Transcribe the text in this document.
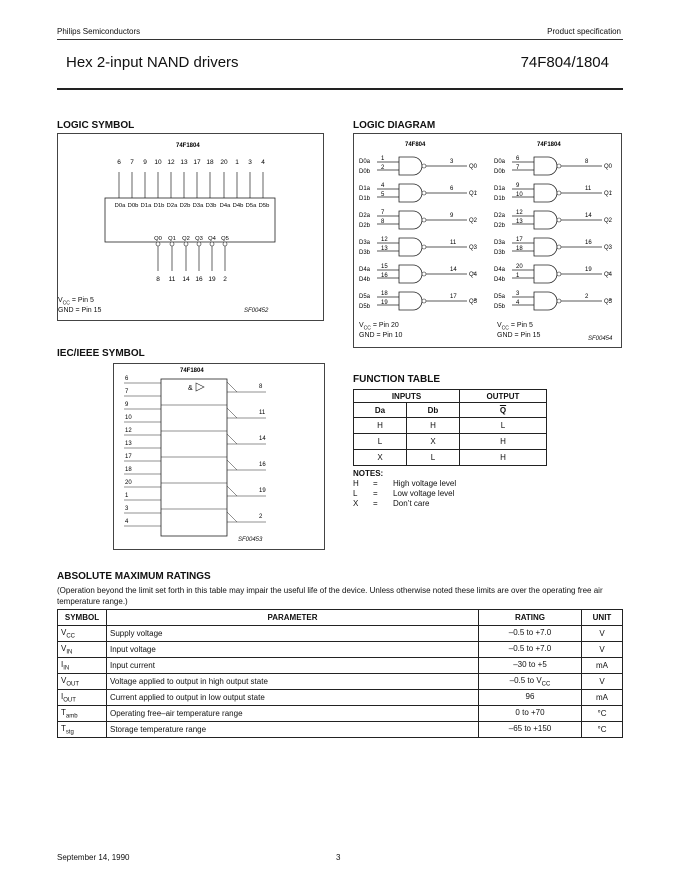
Philips Semiconductors	Product specification
Hex 2-input NAND drivers	74F804/1804
LOGIC SYMBOL
74F1804
6
D0a
7
D0b
9
D1a
10
D1b
12
D2a
13
D2b
17
D3a
18
D3b
20
D4a
1
D4b
3
D5a
4
D5b
Q0
8
Q1
11
Q2
14
Q3
16
Q4
19
Q5
2
$V_{CC}$ = Pin 5
GND = Pin 15	SF00452
LOGIC DIAGRAM
74F804
D0a
D0b
1
2
3
Q0
D1a
D1b
4
5
6
Q1
D2a
D2b
7
8
9
Q2
D3a
D3b
12
13
11
Q3
D4a
D4b
15
16
14
Q4
D5a
D5b
18
19
17
Q5
74F1804
D0a
D0b
6
7
8
Q0
D1a
D1b
9
10
11
Q1
D2a
D2b
12
13
14
Q2
D3a
D3b
17
18
16
Q3
D4a
D4b
20
1
19
Q4
D5a
D5b
3
4
2
Q5
$V_{CC}$ = Pin 20
GND = Pin 10
$V_{CC}$ = Pin 5
GND = Pin 15	SF00454
IEC/IEEE SYMBOL
74F1804
&
6
7
9
10
12
13
17
18
20
1
3
4
8
11
14
16
19
2
SF00453
FUNCTION TABLE
INPUTS		OUTPUT
Da	Db	$\overline{Q}$
H	H	L
L	X	H
X	L	H
NOTES:
H = High voltage level
L = Low voltage level
X = Don’t care
ABSOLUTE MAXIMUM RATINGS
(Operation beyond the limit set forth in this table may impair the useful life of the device. Unless otherwise noted these limits are over the operating free air temperature range.)
SYMBOL	PARAMETER	RATING	UNIT
$V_{CC}$	Supply voltage	–0.5 to +7.0	V
$V_{IN}$	Input voltage	–0.5 to +7.0	V
$I_{IN}$	Input current	–30 to +5	mA
$V_{OUT}$	Voltage applied to output in high output state	–0.5 to $V_{CC}$	V
$I_{OUT}$	Current applied to output in low output state	96	mA
$T_{amb}$	Operating free–air temperature range	0 to +70	°C
$T_{stg}$	Storage temperature range	–65 to +150	°C
September 14, 1990	3
